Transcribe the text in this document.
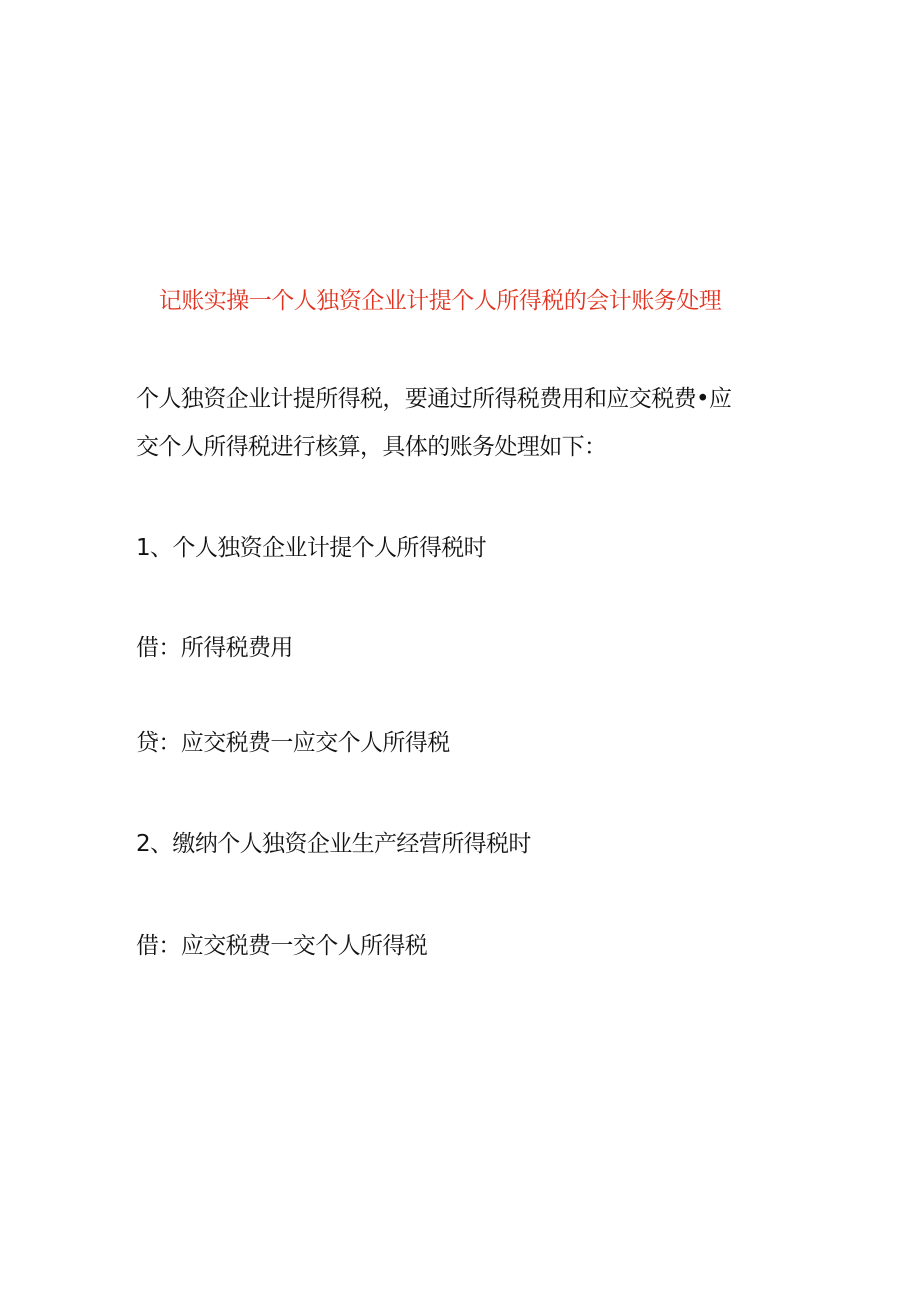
记账实操一个人独资企业计提个人所得税的会计账务处理
个人独资企业计提所得税，要通过所得税费用和应交税费•应
交个人所得税进行核算，具体的账务处理如下：
1、个人独资企业计提个人所得税时
借：所得税费用
贷：应交税费一应交个人所得税
2、缴纳个人独资企业生产经营所得税时
借：应交税费一交个人所得税
